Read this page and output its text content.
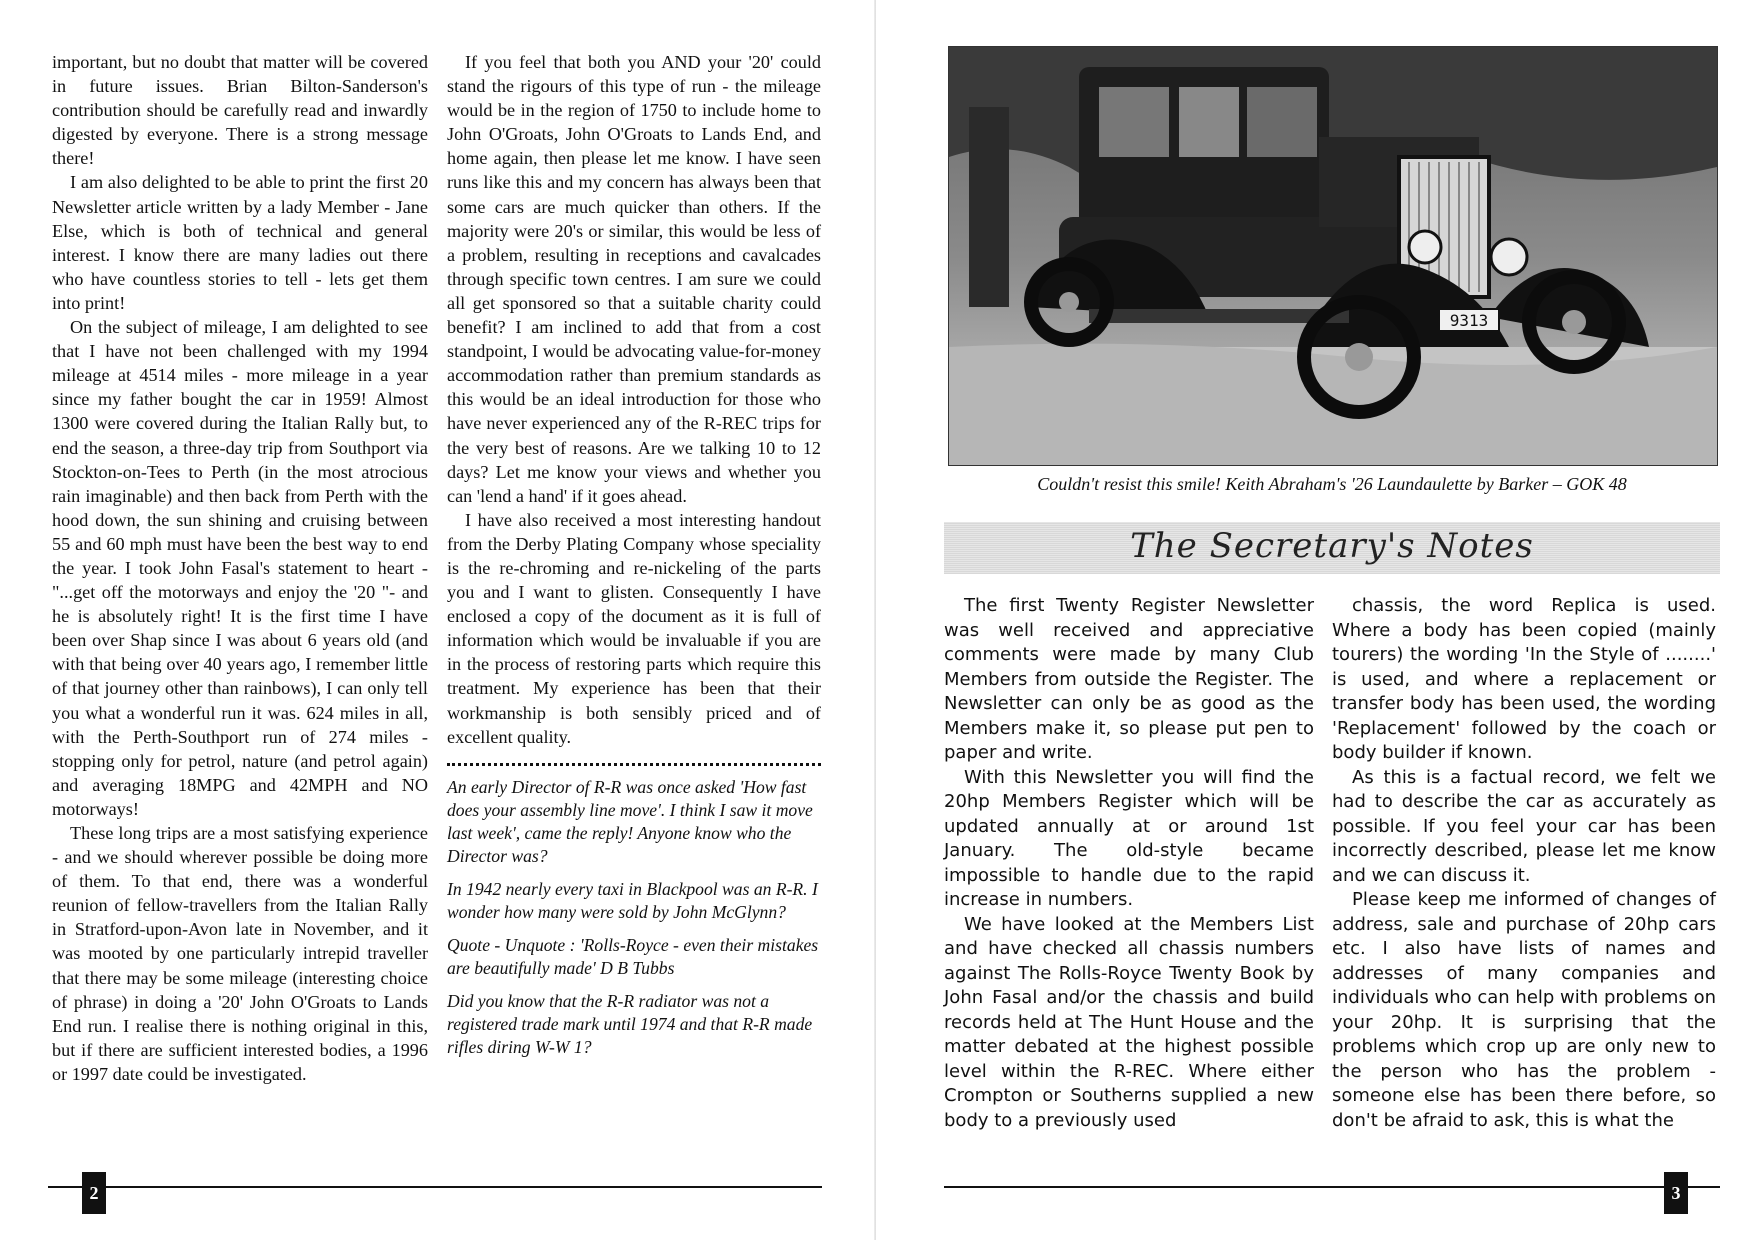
important, but no doubt that matter will be covered in future issues. Brian Bilton-Sanderson's contribution should be carefully read and inwardly digested by everyone. There is a strong message there!

I am also delighted to be able to print the first 20 Newsletter article written by a lady Member - Jane Else, which is both of technical and general interest. I know there are many ladies out there who have countless stories to tell - lets get them into print!

On the subject of mileage, I am delighted to see that I have not been challenged with my 1994 mileage at 4514 miles - more mileage in a year since my father bought the car in 1959! Almost 1300 were covered during the Italian Rally but, to end the season, a three-day trip from Southport via Stockton-on-Tees to Perth (in the most atrocious rain imaginable) and then back from Perth with the hood down, the sun shining and cruising between 55 and 60 mph must have been the best way to end the year. I took John Fasal's statement to heart - "...get off the motorways and enjoy the '20 "- and he is absolutely right! It is the first time I have been over Shap since I was about 6 years old (and with that being over 40 years ago, I remember little of that journey other than rainbows), I can only tell you what a wonderful run it was. 624 miles in all, with the Perth-Southport run of 274 miles - stopping only for petrol, nature (and petrol again) and averaging 18MPG and 42MPH and NO motorways!

These long trips are a most satisfying experience - and we should wherever possible be doing more of them. To that end, there was a wonderful reunion of fellow-travellers from the Italian Rally in Stratford-upon-Avon late in November, and it was mooted by one particularly intrepid traveller that there may be some mileage (interesting choice of phrase) in doing a '20' John O'Groats to Lands End run. I realise there is nothing original in this, but if there are sufficient interested bodies, a 1996 or 1997 date could be investigated.

If you feel that both you AND your '20' could stand the rigours of this type of run - the mileage would be in the region of 1750 to include home to John O'Groats, John O'Groats to Lands End, and home again, then please let me know. I have seen runs like this and my concern has always been that some cars are much quicker than others. If the majority were 20's or similar, this would be less of a problem, resulting in receptions and cavalcades through specific town centres. I am sure we could all get sponsored so that a suitable charity could benefit? I am inclined to add that from a cost standpoint, I would be advocating value-for-money accommodation rather than premium standards as this would be an ideal introduction for those who have never experienced any of the R-REC trips for the very best of reasons. Are we talking 10 to 12 days? Let me know your views and whether you can 'lend a hand' if it goes ahead.

I have also received a most interesting handout from the Derby Plating Company whose speciality is the re-chroming and re-nickeling of the parts you and I want to glisten. Consequently I have enclosed a copy of the document as it is full of information which would be invaluable if you are in the process of restoring parts which require this treatment. My experience has been that their workmanship is both sensibly priced and of excellent quality.

An early Director of R-R was once asked 'How fast does your assembly line move'. I think I saw it move last week', came the reply! Anyone know who the Director was?

In 1942 nearly every taxi in Blackpool was an R-R. I wonder how many were sold by John McGlynn?

Quote - Unquote : 'Rolls-Royce - even their mistakes are beautifully made' D B Tubbs

Did you know that the R-R radiator was not a registered trade mark until 1974 and that R-R made rifles diring W-W 1?

2
9313
Couldn't resist this smile! Keith Abraham's '26 Laundaulette by Barker – GOK 48
The Secretary's Notes

The first Twenty Register Newsletter was well received and appreciative comments were made by many Club Members from outside the Register. The Newsletter can only be as good as the Members make it, so please put pen to paper and write.

With this Newsletter you will find the 20hp Members Register which will be updated annually at or around 1st January. The old-style became impossible to handle due to the rapid increase in numbers.

We have looked at the Members List and have checked all chassis numbers against The Rolls-Royce Twenty Book by John Fasal and/or the chassis and build records held at The Hunt House and the matter debated at the highest possible level within the R-REC. Where either Crompton or Southerns supplied a new body to a previously used

chassis, the word Replica is used. Where a body has been copied (mainly tourers) the wording 'In the Style of ........' is used, and where a replacement or transfer body has been used, the wording 'Replacement' followed by the coach or body builder if known.

As this is a factual record, we felt we had to describe the car as accurately as possible. If you feel your car has been incorrectly described, please let me know and we can discuss it.

Please keep me informed of changes of address, sale and purchase of 20hp cars etc. I also have lists of names and addresses of many companies and individuals who can help with problems on your 20hp. It is surprising that the problems which crop up are only new to the person who has the problem - someone else has been there before, so don't be afraid to ask, this is what the

3
